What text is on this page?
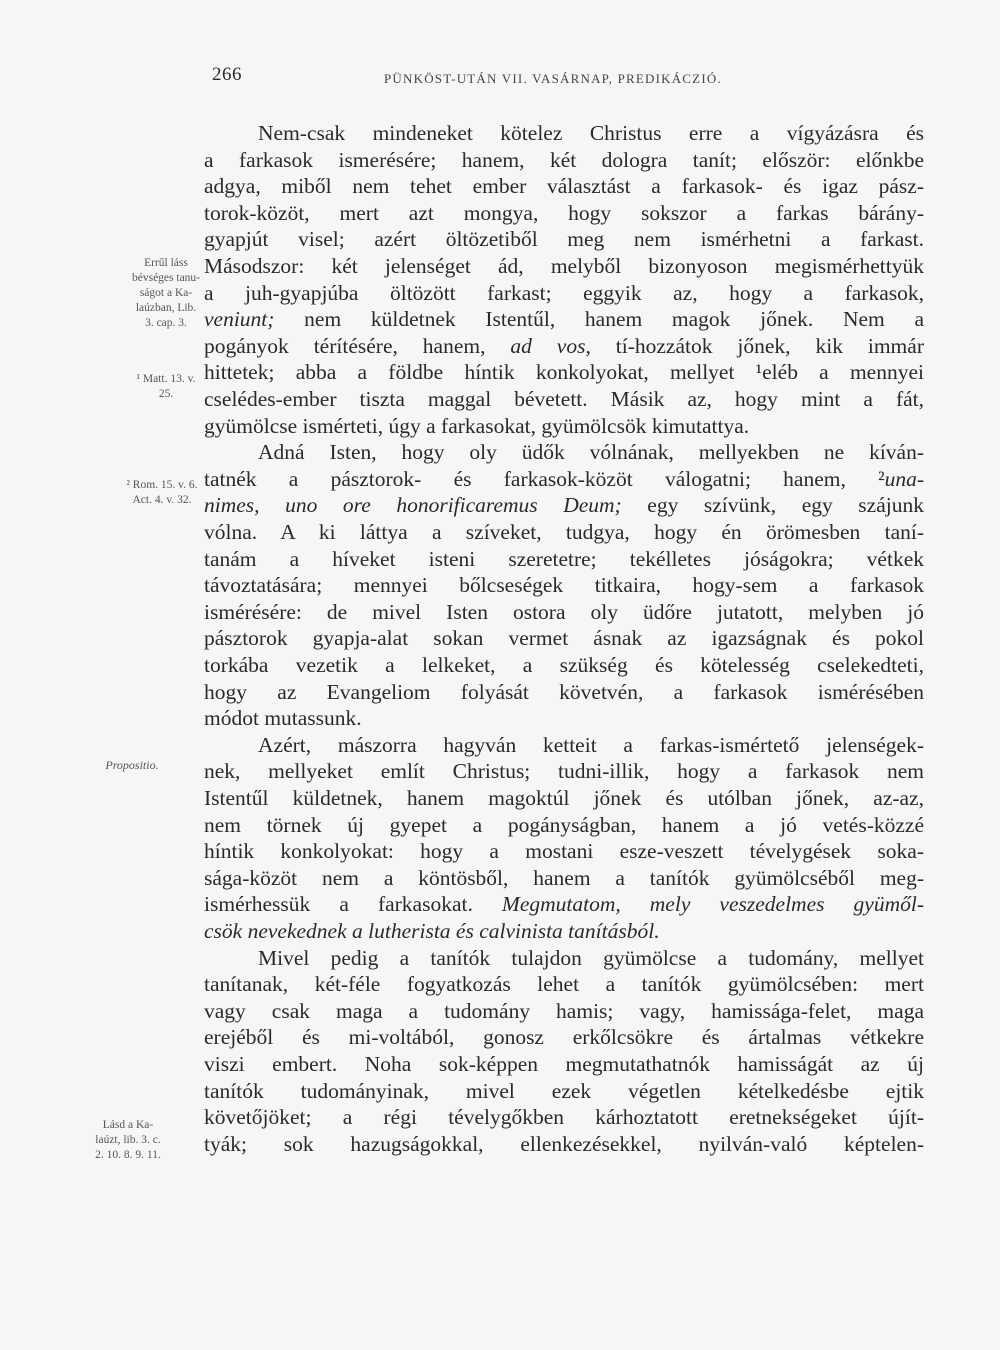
266	PÜNKÖST-UTÁN VII. VASÁRNAP, PREDIKÁCZIÓ.
Nem-csak mindeneket kötelez Christus erre a vígyázásra és
a farkasok ismerésére; hanem, két dologra tanít; először: előnkbe
adgya, miből nem tehet ember választást a farkasok- és igaz pász-
torok-közöt, mert azt mongya, hogy sokszor a farkas bárány-
gyapjút visel; azért öltözetiből meg nem ismérhetni a farkast.
Másodszor: két jelenséget ád, melyből bizonyoson megismérhettyük
a juh-gyapjúba öltözött farkast; eggyik az, hogy a farkasok,
veniunt; nem küldetnek Istentűl, hanem magok jőnek. Nem a
pogányok térítésére, hanem, ad vos, tí-hozzátok jőnek, kik immár
hittetek; abba a földbe híntik konkolyokat, mellyet ¹eléb a mennyei
cselédes-ember tiszta maggal bévetett. Másik az, hogy mint a fát,
gyümölcse ismérteti, úgy a farkasokat, gyümölcsök kimutattya.
Adná Isten, hogy oly üdők vólnának, mellyekben ne kíván-
tatnék a pásztorok- és farkasok-közöt válogatni; hanem, ²una-
nimes, uno ore honorificaremus Deum; egy szívünk, egy szájunk
vólna. A ki láttya a szíveket, tudgya, hogy én örömesben taní-
tanám a híveket isteni szeretetre; tekélletes jóságokra; vétkek
távoztatására; mennyei bőlcseségek titkaira, hogy-sem a farkasok
ismérésére: de mivel Isten ostora oly üdőre jutatott, melyben jó
pásztorok gyapja-alat sokan vermet ásnak az igazságnak és pokol
torkába vezetik a lelkeket, a szükség és kötelesség cselekedteti,
hogy az Evangeliom folyását követvén, a farkasok ismérésében
módot mutassunk.
Azért, mászorra hagyván ketteit a farkas-ismértető jelenségek-
nek, mellyeket említ Christus; tudni-illik, hogy a farkasok nem
Istentűl küldetnek, hanem magoktúl jőnek és utólban jőnek, az-az,
nem törnek új gyepet a pogányságban, hanem a jó vetés-közzé
híntik konkolyokat: hogy a mostani esze-veszett tévelygések soka-
sága-közöt nem a köntösből, hanem a tanítók gyümölcséből meg-
ismérhessük a farkasokat. Megmutatom, mely veszedelmes gyümől-
csök nevekednek a lutherista és calvinista tanításból.
Mivel pedig a tanítók tulajdon gyümölcse a tudomány, mellyet
tanítanak, két-féle fogyatkozás lehet a tanítók gyümölcsében: mert
vagy csak maga a tudomány hamis; vagy, hamissága-felet, maga
erejéből és mi-voltából, gonosz erkőlcsökre és ártalmas vétkekre
viszi embert. Noha sok-képpen megmutathatnók hamisságát az új
tanítók tudományinak, mivel ezek végetlen kételkedésbe ejtik
követőjöket; a régi tévelygőkben kárhoztatott eretnekségeket újít-
tyák; sok hazugságokkal, ellenkezésekkel, nyilván-való képtelen-
Errűl láss
bévséges tanu-
ságot a Ka-
laúzban, Lib.
3. cap. 3.
¹ Matt. 13. v.
25.
² Rom. 15. v. 6.
Act. 4. v. 32.
Propositio.
Lásd a Ka-
laúzt, lib. 3. c.
2. 10. 8. 9. 11.
